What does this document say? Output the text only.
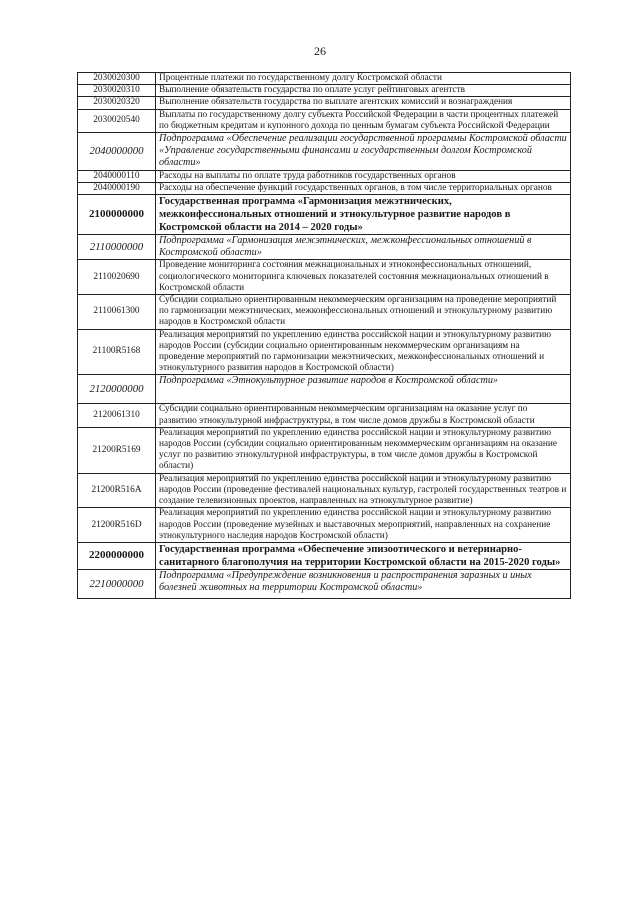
26
2030020300	Процентные платежи по государственному долгу Костромской области
2030020310	Выполнение обязательств государства по оплате услуг рейтинговых агентств
2030020320	Выполнение обязательств государства по выплате агентских комиссий и вознаграждения
2030020540	Выплаты по государственному долгу субъекта Российской Федерации в части процентных платежей по бюджетным кредитам и купонного дохода по ценным бумагам субъекта Российской Федерации
2040000000	Подпрограмма «Обеспечение реализации государственной программы Костромской области «Управление государственными финансами и государственным долгом Костромской области»
2040000110	Расходы на выплаты по оплате труда работников государственных органов
2040000190	Расходы на обеспечение функций государственных органов, в том числе территориальных органов
2100000000	Государственная программа «Гармонизация межэтнических, межконфессиональных отношений и этнокультурное развитие народов в Костромской области на 2014 – 2020 годы»
2110000000	Подпрограмма «Гармонизация межэтнических, межконфессиональных отношений в Костромской области»
2110020690	Проведение мониторинга состояния межнациональных и этноконфессиональных отношений, социологического мониторинга ключевых показателей состояния межнациональных отношений в Костромской области
2110061300	Субсидии социально ориентированным некоммерческим организациям на проведение мероприятий по гармонизации межэтнических, межконфессиональных отношений и этнокультурному развитию народов в Костромской области
21100R5168	Реализация мероприятий по укреплению единства российской нации и этнокультурному развитию народов России (субсидии социально ориентированным некоммерческим организациям на проведение мероприятий по гармонизации межэтнических, межконфессиональных отношений и этнокультурного развития народов в Костромской области)
2120000000	Подпрограмма «Этнокультурное развитие народов в Костромской области»
2120061310	Субсидии социально ориентированным некоммерческим организациям на оказание услуг по развитию этнокультурной инфраструктуры, в том числе домов дружбы в Костромской области
21200R5169	Реализация мероприятий по укреплению единства российской нации и этнокультурному развитию народов России (субсидии социально ориентированным некоммерческим организациям на оказание услуг по развитию этнокультурной инфраструктуры, в том числе домов дружбы в Костромской области)
21200R516A	Реализация мероприятий по укреплению единства российской нации и этнокультурному развитию народов России (проведение фестивалей национальных культур, гастролей государственных театров и создание телевизионных проектов, направленных на этнокультурное развитие)
21200R516D	Реализация мероприятий по укреплению единства российской нации и этнокультурному развитию народов России (проведение музейных и выставочных мероприятий, направленных на сохранение этнокультурного наследия народов Костромской области)
2200000000	Государственная программа «Обеспечение эпизоотического и ветеринарно-санитарного благополучия на территории Костромской области на 2015-2020 годы»
2210000000	Подпрограмма «Предупреждение возникновения и распространения заразных и иных болезней животных на территории Костромской области»
